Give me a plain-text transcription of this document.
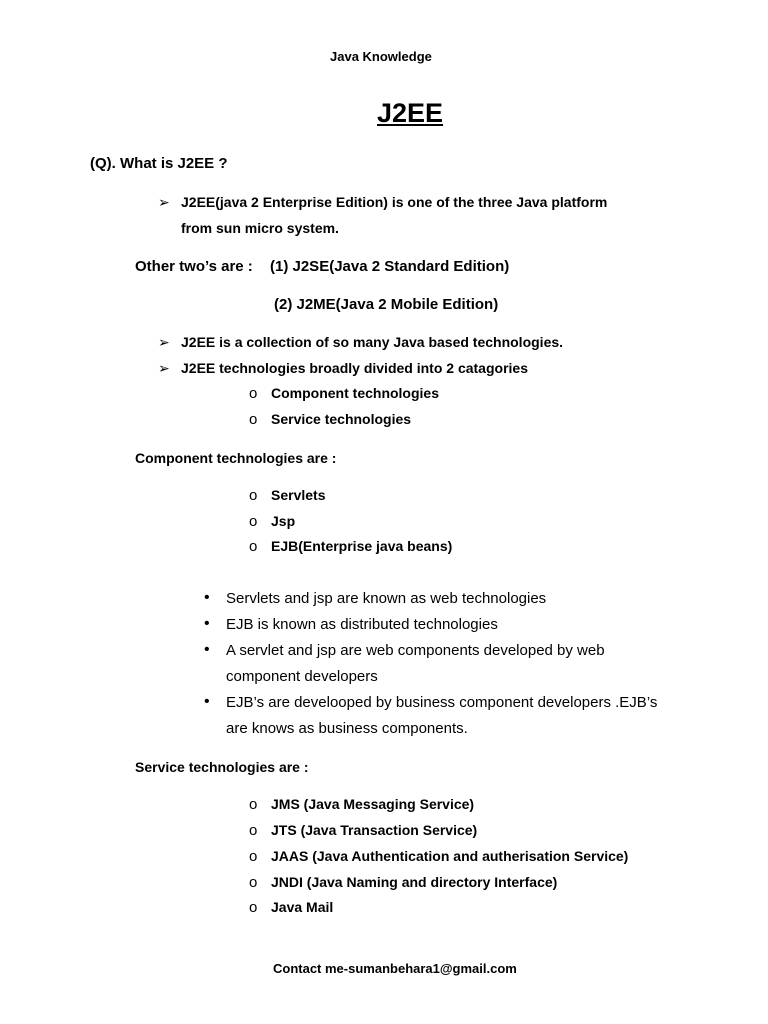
Java Knowledge
J2EE
(Q). What is J2EE ?
➢ J2EE(java 2 Enterprise Edition) is one of the three Java platform
from sun micro system.
Other two’s are : (1) J2SE(Java 2 Standard Edition)
(2) J2ME(Java 2 Mobile Edition)
➢ J2EE is a collection of so many Java based technologies.
➢ J2EE technologies broadly divided into 2 catagories
o Component technologies
o Service technologies
Component technologies are :
o Servlets
o Jsp
o EJB(Enterprise java beans)
• Servlets and jsp are known as web technologies
• EJB is known as distributed technologies
• A servlet and jsp are web components developed by web
component developers
• EJB’s are develooped by business component developers .EJB’s
are knows as business components.
Service technologies are :
o JMS (Java Messaging Service)
o JTS (Java Transaction Service)
o JAAS (Java Authentication and autherisation Service)
o JNDI (Java Naming and directory Interface)
o Java Mail
Contact me-sumanbehara1@gmail.com
